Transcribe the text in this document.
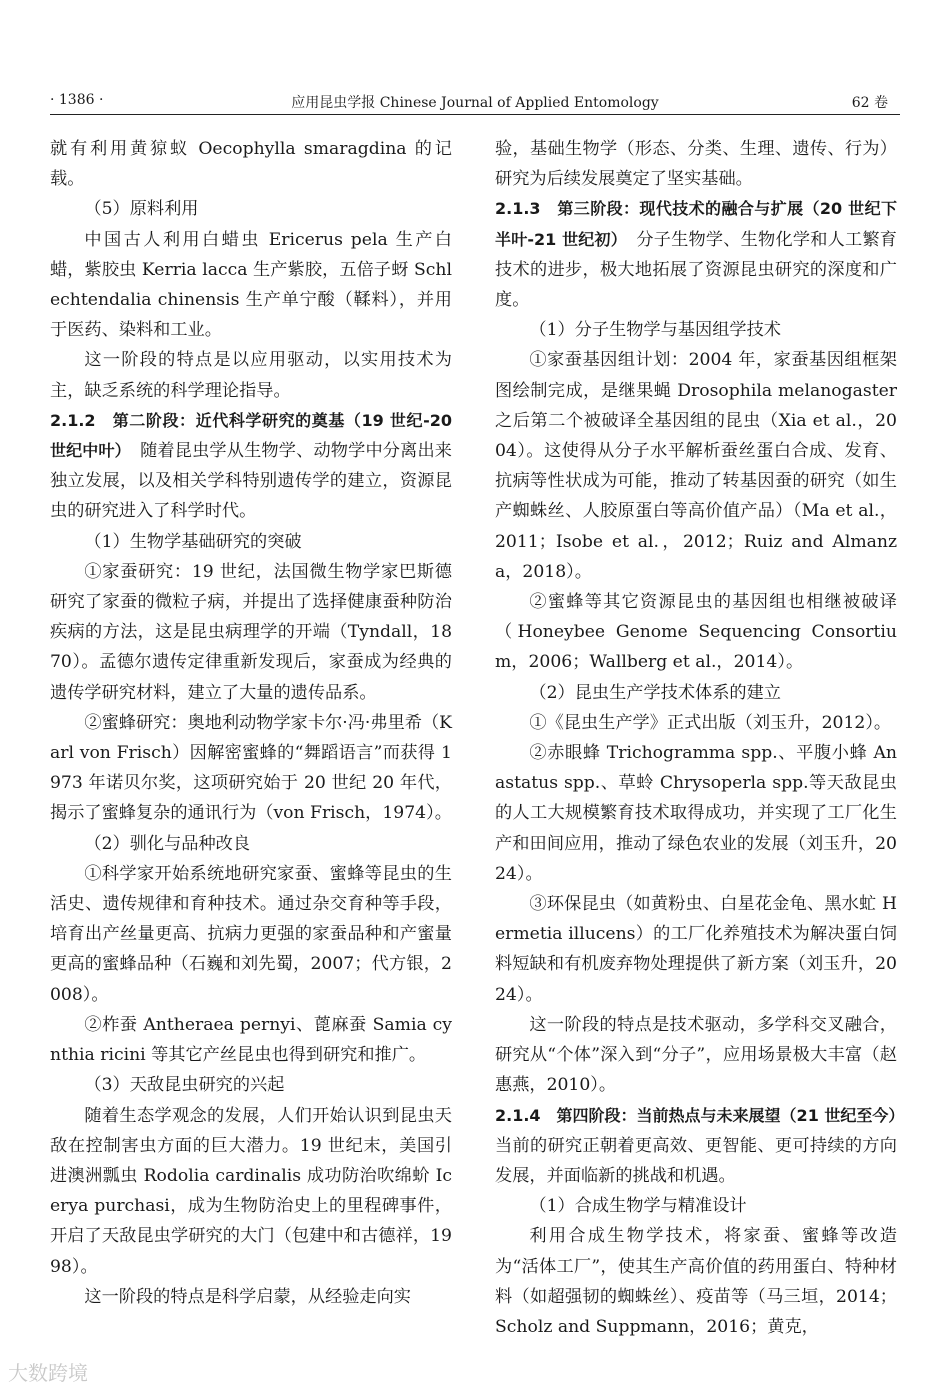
· 1386 ·	应用昆虫学报 Chinese Journal of Applied Entomology	62 卷

就有利用黄猄蚁 Oecophylla smaragdina 的记载。

（5）原料利用

中国古人利用白蜡虫 Ericerus pela 生产白蜡，紫胶虫 Kerria lacca 生产紫胶，五倍子蚜 Schlechtendalia chinensis 生产单宁酸（鞣料），并用于医药、染料和工业。

这一阶段的特点是以应用驱动，以实用技术为主，缺乏系统的科学理论指导。

2.1.2　第二阶段：近代科学研究的奠基（19 世纪-20 世纪中叶）　随着昆虫学从生物学、动物学中分离出来独立发展，以及相关学科特别遗传学的建立，资源昆虫的研究进入了科学时代。

（1）生物学基础研究的突破

①家蚕研究：19 世纪，法国微生物学家巴斯德研究了家蚕的微粒子病，并提出了选择健康蚕种防治疾病的方法，这是昆虫病理学的开端（Tyndall，1870）。孟德尔遗传定律重新发现后，家蚕成为经典的遗传学研究材料，建立了大量的遗传品系。

②蜜蜂研究：奥地利动物学家卡尔·冯·弗里希（Karl von Frisch）因解密蜜蜂的“舞蹈语言”而获得 1973 年诺贝尔奖，这项研究始于 20 世纪 20 年代，揭示了蜜蜂复杂的通讯行为（von Frisch，1974）。

（2）驯化与品种改良

①科学家开始系统地研究家蚕、蜜蜂等昆虫的生活史、遗传规律和育种技术。通过杂交育种等手段，培育出产丝量更高、抗病力更强的家蚕品种和产蜜量更高的蜜蜂品种（石巍和刘先蜀，2007；代方银，2008）。

②柞蚕 Antheraea pernyi、蓖麻蚕 Samia cynthia ricini 等其它产丝昆虫也得到研究和推广。

（3）天敌昆虫研究的兴起

随着生态学观念的发展，人们开始认识到昆虫天敌在控制害虫方面的巨大潜力。19 世纪末，美国引进澳洲瓢虫 Rodolia cardinalis 成功防治吹绵蚧 Icerya purchasi，成为生物防治史上的里程碑事件，开启了天敌昆虫学研究的大门（包建中和古德祥，1998）。

这一阶段的特点是科学启蒙，从经验走向实

验，基础生物学（形态、分类、生理、遗传、行为）研究为后续发展奠定了坚实基础。

2.1.3　第三阶段：现代技术的融合与扩展（20 世纪下半叶-21 世纪初）　分子生物学、生物化学和人工繁育技术的进步，极大地拓展了资源昆虫研究的深度和广度。

（1）分子生物学与基因组学技术

①家蚕基因组计划：2004 年，家蚕基因组框架图绘制完成，是继果蝇 Drosophila melanogaster 之后第二个被破译全基因组的昆虫（Xia et al.，2004）。这使得从分子水平解析蚕丝蛋白合成、发育、抗病等性状成为可能，推动了转基因蚕的研究（如生产蜘蛛丝、人胶原蛋白等高价值产品）（Ma et al.，2011；Isobe et al.，2012；Ruiz and Almanza，2018）。

②蜜蜂等其它资源昆虫的基因组也相继被破译（Honeybee Genome Sequencing Consortium，2006；Wallberg et al.，2014）。

（2）昆虫生产学技术体系的建立

①《昆虫生产学》正式出版（刘玉升，2012）。

②赤眼蜂 Trichogramma spp.、平腹小蜂 Anastatus spp.、草蛉 Chrysoperla spp.等天敌昆虫的人工大规模繁育技术取得成功，并实现了工厂化生产和田间应用，推动了绿色农业的发展（刘玉升，2024）。

③环保昆虫（如黄粉虫、白星花金龟、黑水虻 Hermetia illucens）的工厂化养殖技术为解决蛋白饲料短缺和有机废弃物处理提供了新方案（刘玉升，2024）。

这一阶段的特点是技术驱动，多学科交叉融合，研究从“个体”深入到“分子”，应用场景极大丰富（赵惠燕，2010）。

2.1.4　第四阶段：当前热点与未来展望（21 世纪至今）　当前的研究正朝着更高效、更智能、更可持续的方向发展，并面临新的挑战和机遇。

（1）合成生物学与精准设计

利用合成生物学技术，将家蚕、蜜蜂等改造为“活体工厂”，使其生产高价值的药用蛋白、特种材料（如超强韧的蜘蛛丝）、疫苗等（马三垣，2014；Scholz and Suppmann，2016；黄克，

大数跨境
